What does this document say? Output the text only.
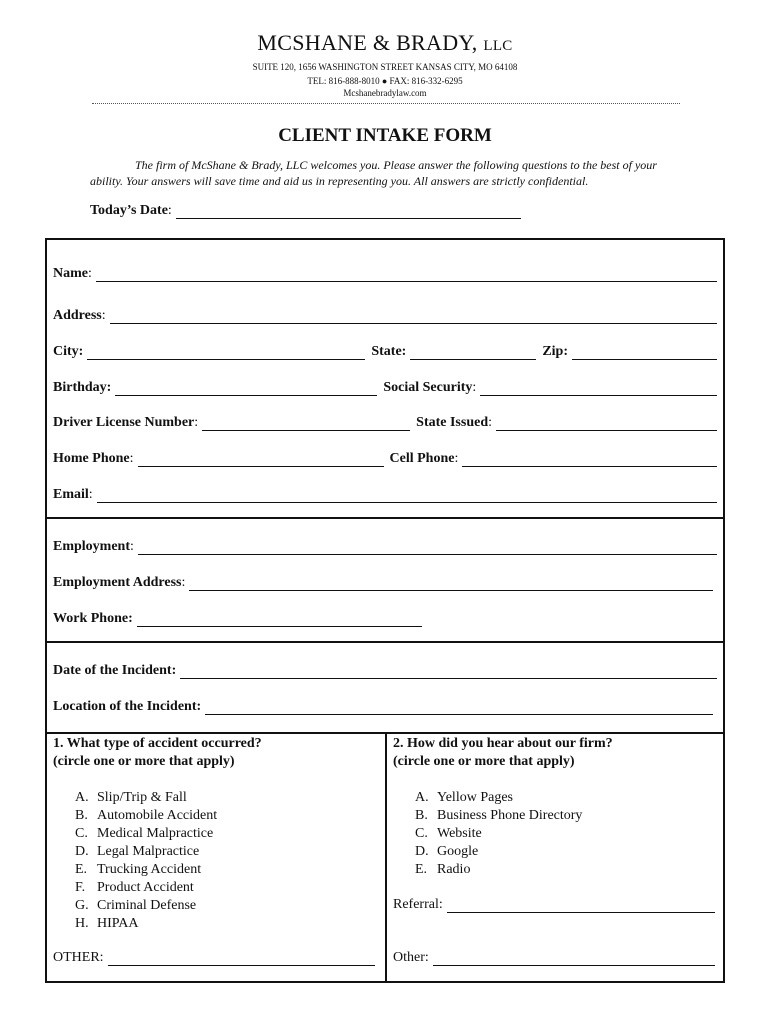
MCSHANE & BRADY, LLC
SUITE 120, 1656 WASHINGTON STREET KANSAS CITY, MO 64108
TEL: 816-888-8010 ● FAX: 816-332-6295
Mcshanebradylaw.com
CLIENT INTAKE FORM
The firm of McShane & Brady, LLC welcomes you. Please answer the following questions to the best of your ability. Your answers will save time and aid us in representing you. All answers are strictly confidential.
Today’s Date:
Name:
Address:
City:	State:	Zip:
Birthday:	Social Security:
Driver License Number:	State Issued:
Home Phone:	Cell Phone:
Email:
Employment:
Employment Address:
Work Phone:
Date of the Incident:
Location of the Incident:
1. What type of accident occurred?
(circle one or more that apply)
A. Slip/Trip & Fall
B. Automobile Accident
C. Medical Malpractice
D. Legal Malpractice
E. Trucking Accident
F. Product Accident
G. Criminal Defense
H. HIPAA
OTHER:
2. How did you hear about our firm?
(circle one or more that apply)
A. Yellow Pages
B. Business Phone Directory
C. Website
D. Google
E. Radio
Referral:
Other:
